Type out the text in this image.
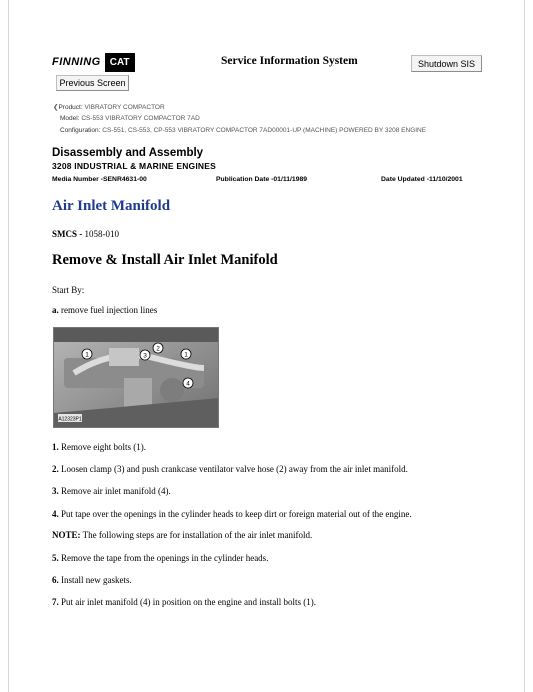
FINNING CAT	Service Information System	Shutdown SIS
Previous Screen
❮Product: VIBRATORY COMPACTOR
Model: CS-553 VIBRATORY COMPACTOR 7AD
Configuration: CS-551, CS-553, CP-553 VIBRATORY COMPACTOR 7AD00001-UP (MACHINE) POWERED BY 3208 ENGINE
Disassembly and Assembly
3208 INDUSTRIAL & MARINE ENGINES
Media Number -SENR4631-00	Publication Date -01/11/1989	Date Updated -11/10/2001
Air Inlet Manifold
SMCS - 1058-010
Remove & Install Air Inlet Manifold
Start By:
a. remove fuel injection lines
1
2
3	1
4
A12323P1
1. Remove eight bolts (1).
2. Loosen clamp (3) and push crankcase ventilator valve hose (2) away from the air inlet manifold.
3. Remove air inlet manifold (4).
4. Put tape over the openings in the cylinder heads to keep dirt or foreign material out of the engine.
NOTE: The following steps are for installation of the air inlet manifold.
5. Remove the tape from the openings in the cylinder heads.
6. Install new gaskets.
7. Put air inlet manifold (4) in position on the engine and install bolts (1).
